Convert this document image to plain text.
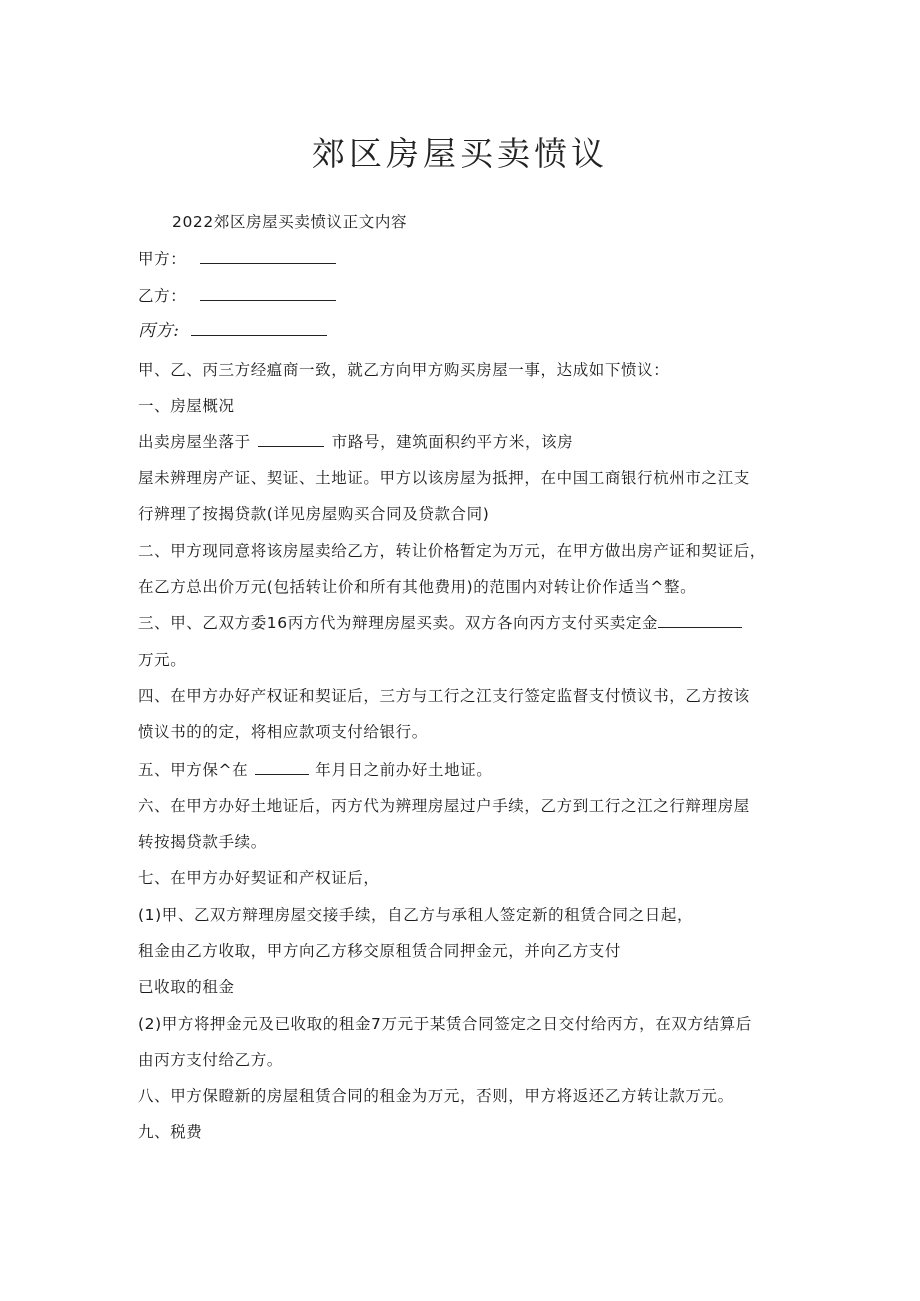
郊区房屋买卖愤议
2022郊区房屋买卖愤议正文内容
甲方：
乙方：
丙方:
甲、乙、丙三方经瘟商一致，就乙方向甲方购买房屋一事，达成如下愤议：
一、房屋概况
出卖房屋坐落于	市路号，建筑面积约平方米，该房
屋未辨理房产证、契证、土地证。甲方以该房屋为抵押，在中国工商银行杭州市之江支
行辨理了按揭贷款(详见房屋购买合同及贷款合同)
二、甲方现同意将该房屋卖给乙方，转让价格暂定为万元，在甲方做出房产证和契证后，
在乙方总出价万元(包括转让价和所有其他费用)的范围内对转让价作适当^整。
三、甲、乙双方委16丙方代为辩理房屋买卖。双方各向丙方支付买卖定金
万元。
四、在甲方办好产权证和契证后，三方与工行之江支行签定监督支付愤议书，乙方按该
愤议书的的定，将相应款项支付给银行。
五、甲方保^在	年月日之前办好土地证。
六、在甲方办好土地证后，丙方代为辨理房屋过户手续，乙方到工行之江之行辩理房屋
转按揭贷款手续。
七、在甲方办好契证和产权证后，
(1)甲、乙双方辩理房屋交接手续，自乙方与承租人签定新的租赁合同之日起，
租金由乙方收取，甲方向乙方移交原租赁合同押金元，并向乙方支付
已收取的租金
(2)甲方将押金元及已收取的租金7万元于某赁合同签定之日交付给丙方，在双方结算后
由丙方支付给乙方。
八、甲方保瞪新的房屋租赁合同的租金为万元，否则，甲方将返还乙方转让款万元。
九、税费
